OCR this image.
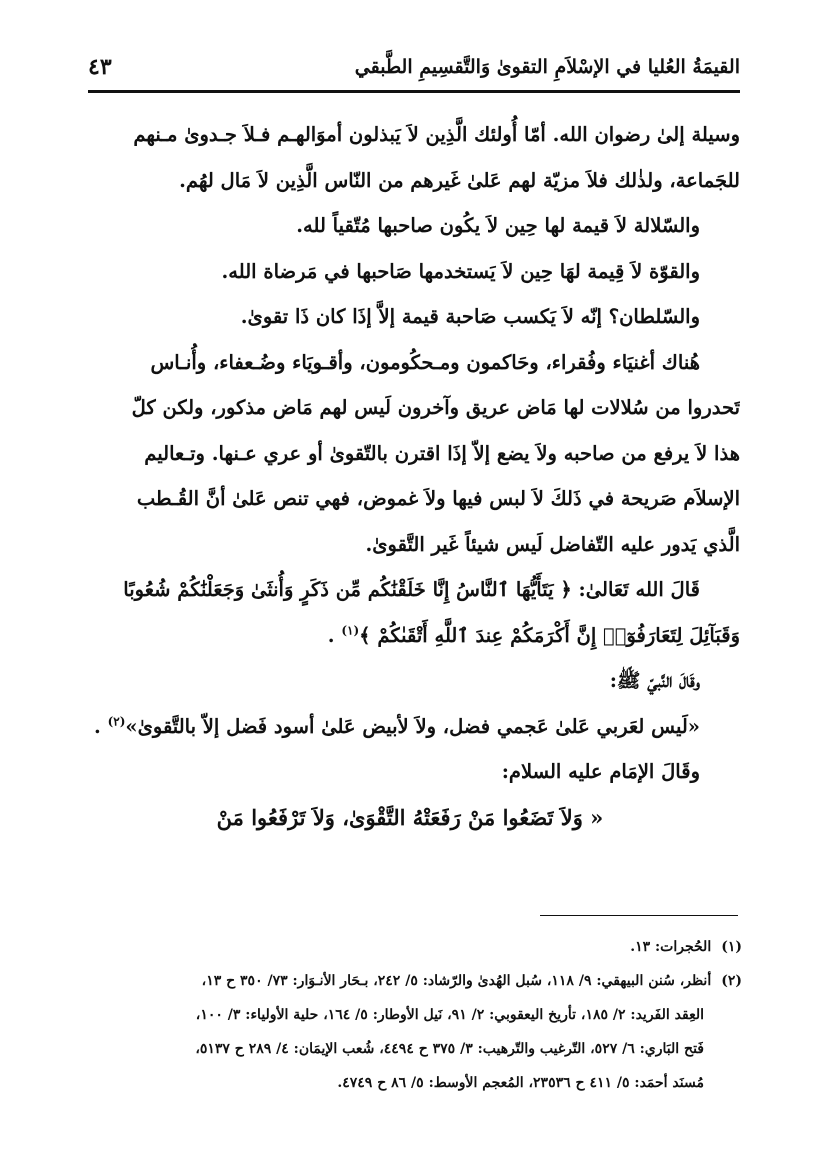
القيمَةُ العُليا في الإسْلاَمِ التقوىٰ وَالتَّقسِيمِ الطَّبقي
٤٣
وسيلة إلىٰ رضوان الله. أمّا أُولئك الَّذِين لاَ يَبذلون أموَالهـم فـلاَ جـدوىٰ مـنهم
للجَماعة، ولذٰلك فلاَ مزيّة لهم عَلىٰ غَيرهم من النّاس الَّذِين لاَ مَال لهُم.
والسّلالة لاَ قيمة لها حِين لاَ يكُون صاحبها مُتّقياً لله.
والقوّة لاَ قِيمة لهَا حِين لاَ يَستخدمها صَاحبها في مَرضاة الله.
والسّلطان؟ إنّه لاَ يَكسب صَاحبة قيمة إلاَّ إذَا كان ذَا تقوىٰ.
هُناك أغنيَاء وفُقراء، وحَاكمون ومـحكُومون، وأقـويَاء وضُـعفاء، وأُنـاس
تَحدروا من سُلالات لها مَاض عريق وآخرون لَيس لهم مَاض مذكور، ولكن كلّ
هذا لاَ يرفع من صاحبه ولاَ يضع إلاّ إذَا اقترن بالتّقوىٰ أو عري عـنها. وتـعاليم
الإسلاَم صَريحة في ذَلكَ لاَ لبس فيها ولاَ غموض، فهي تنص عَلىٰ أنَّ القُـطب
الَّذي يَدور عليه التّفاضل لَيس شيئاً غَير التَّقوىٰ.
قَالَ الله تَعَالىٰ: ﴿ يَتَأَيُّهَا ٱلنَّاسُ إِنَّا خَلَقْنَٰكُم مِّن ذَكَرٍ وَأُنثَىٰ وَجَعَلْنَٰكُمْ شُعُوبًا
وَقَبَآئِلَ لِتَعَارَفُوٓا۟ إِنَّ أَكْرَمَكُمْ عِندَ ٱللَّهِ أَتْقَىٰكُمْ ﴾$^{(١)}$ .
وقَالَ النَّبيّ ﷺ:
«لَيس لعَربي عَلىٰ عَجمي فضل، ولاَ لأبيض عَلىٰ أسود فَضل إلاّ بالتَّقوىٰ»$^{(٢)}$ .
وقَالَ الإمَام عليه السلام:
« وَلاَ تَضَعُوا مَنْ رَفَعَتْهُ التَّقْوَىٰ، وَلاَ تَرْفَعُوا مَنْ
(١)الحُجرات: ١٣.
(٢)أنظر، سُنن البيهقي: ٩/ ١١٨، سُبل الهُدىٰ والرّشاد: ٥/ ٢٤٢، بـحَار الأنـوَار: ٧٣/ ٣٥٠ ح ١٣،
العِقد الفَريد: ٢/ ١٨٥، تأريخ اليعقوبي: ٢/ ٩١، نَيل الأوطار: ٥/ ١٦٤، حلية الأولياء: ٣/ ١٠٠،
فَتح البَاري: ٦/ ٥٢٧، التّرغيب والتّرهيب: ٣/ ٣٧٥ ح ٤٤٩٤، شُعب الإيمَان: ٤/ ٢٨٩ ح ٥١٣٧،
مُسنَد أحمَد: ٥/ ٤١١ ح ٢٣٥٣٦، المُعجم الأوسط: ٥/ ٨٦ ح ٤٧٤٩.
